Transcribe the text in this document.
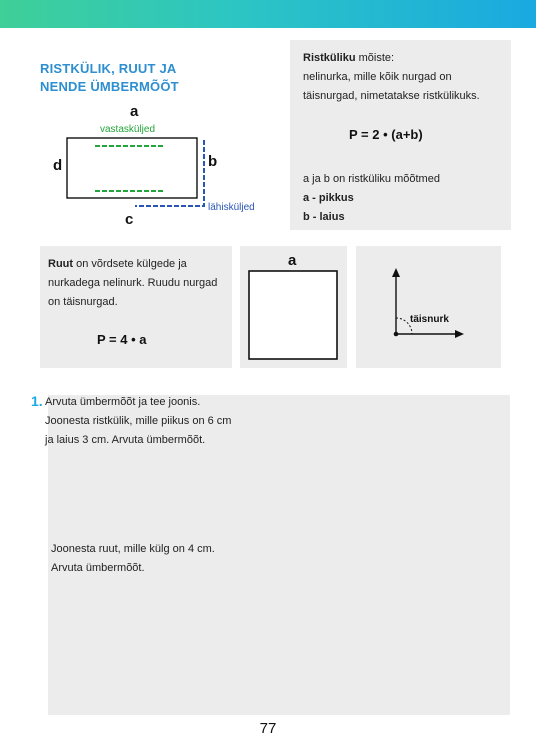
RISTKÜLIK, RUUT JA
NENDE ÜMBERMÕÕT
a
vastasküljed
d	b
lähisküljed
c
Ristküliku mõiste:
nelinurka, mille kõik nurgad on
täisnurgad, nimetatakse ristkülikuks.
P = 2 • (a+b)
a ja b on ristküliku mõõtmed
a - pikkus
b - laius
Ruut on võrdsete külgede ja
nurkadega nelinurk. Ruudu nurgad
on täisnurgad.
P = 4 • a
a
täisnurk
1. Arvuta ümbermõõt ja tee joonis.
Joonesta ristkülik, mille piikus on 6 cm
ja laius 3 cm. Arvuta ümbermõõt.
Joonesta ruut, mille külg on 4 cm.
Arvuta ümbermõõt.
77
